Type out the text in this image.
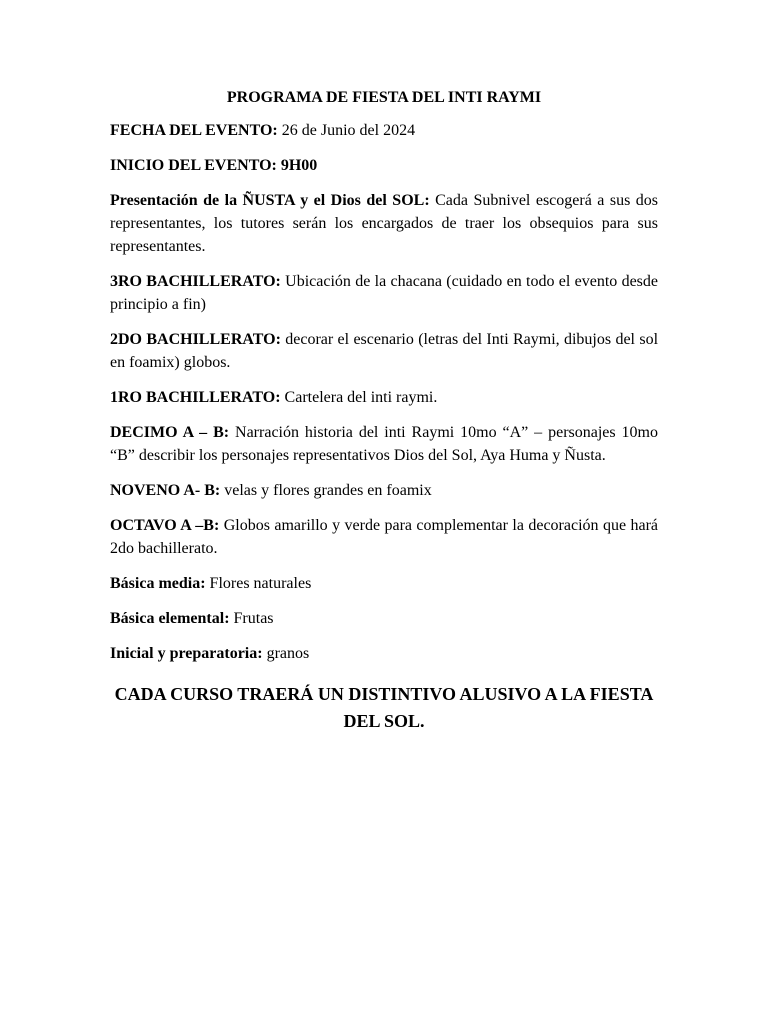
PROGRAMA DE FIESTA DEL INTI RAYMI

FECHA DEL EVENTO: 26 de Junio del 2024

INICIO DEL EVENTO: 9H00

Presentación de la ÑUSTA y el Dios del SOL: Cada Subnivel escogerá a sus dos representantes, los tutores serán los encargados de traer los obsequios para sus representantes.

3RO BACHILLERATO: Ubicación de la chacana (cuidado en todo el evento desde principio a fin)

2DO BACHILLERATO: decorar el escenario (letras del Inti Raymi, dibujos del sol en foamix) globos.

1RO BACHILLERATO: Cartelera del inti raymi.

DECIMO A – B: Narración historia del inti Raymi 10mo “A” – personajes 10mo “B” describir los personajes representativos Dios del Sol, Aya Huma y Ñusta.

NOVENO A- B: velas y flores grandes en foamix

OCTAVO A –B: Globos amarillo y verde para complementar la decoración que hará 2do bachillerato.

Básica media: Flores naturales

Básica elemental: Frutas

Inicial y preparatoria: granos

CADA CURSO TRAERÁ UN DISTINTIVO ALUSIVO A LA FIESTA DEL SOL.
